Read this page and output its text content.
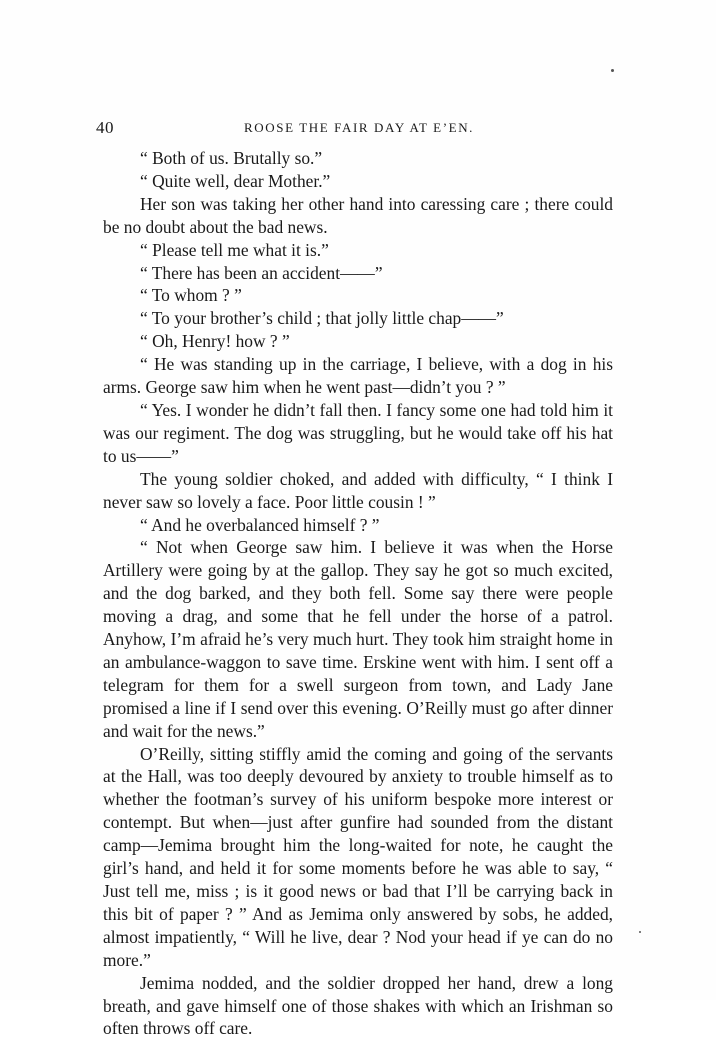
40	ROOSE THE FAIR DAY AT E’EN.

“ Both of us. Brutally so.”

“ Quite well, dear Mother.”

Her son was taking her other hand into caressing care ; there could be no doubt about the bad news.

“ Please tell me what it is.”

“ There has been an accident——”

“ To whom ? ”

“ To your brother’s child ; that jolly little chap——”

“ Oh, Henry! how ? ”

“ He was standing up in the carriage, I believe, with a dog in his arms. George saw him when he went past—didn’t you ? ”

“ Yes. I wonder he didn’t fall then. I fancy some one had told him it was our regiment. The dog was struggling, but he would take off his hat to us——”

The young soldier choked, and added with difficulty, “ I think I never saw so lovely a face. Poor little cousin ! ”

“ And he overbalanced himself ? ”

“ Not when George saw him. I believe it was when the Horse Artillery were going by at the gallop. They say he got so much excited, and the dog barked, and they both fell. Some say there were people moving a drag, and some that he fell under the horse of a patrol. Anyhow, I’m afraid he’s very much hurt. They took him straight home in an ambulance-waggon to save time. Erskine went with him. I sent off a telegram for them for a swell surgeon from town, and Lady Jane promised a line if I send over this evening. O’Reilly must go after dinner and wait for the news.”

O’Reilly, sitting stiffly amid the coming and going of the servants at the Hall, was too deeply devoured by anxiety to trouble himself as to whether the footman’s survey of his uniform bespoke more interest or contempt. But when—just after gunfire had sounded from the distant camp—Jemima brought him the long-waited for note, he caught the girl’s hand, and held it for some moments before he was able to say, “ Just tell me, miss ; is it good news or bad that I’ll be carrying back in this bit of paper ? ” And as Jemima only answered by sobs, he added, almost impatiently, “ Will he live, dear ? Nod your head if ye can do no more.”

Jemima nodded, and the soldier dropped her hand, drew a long breath, and gave himself one of those shakes with which an Irishman so often throws off care.
